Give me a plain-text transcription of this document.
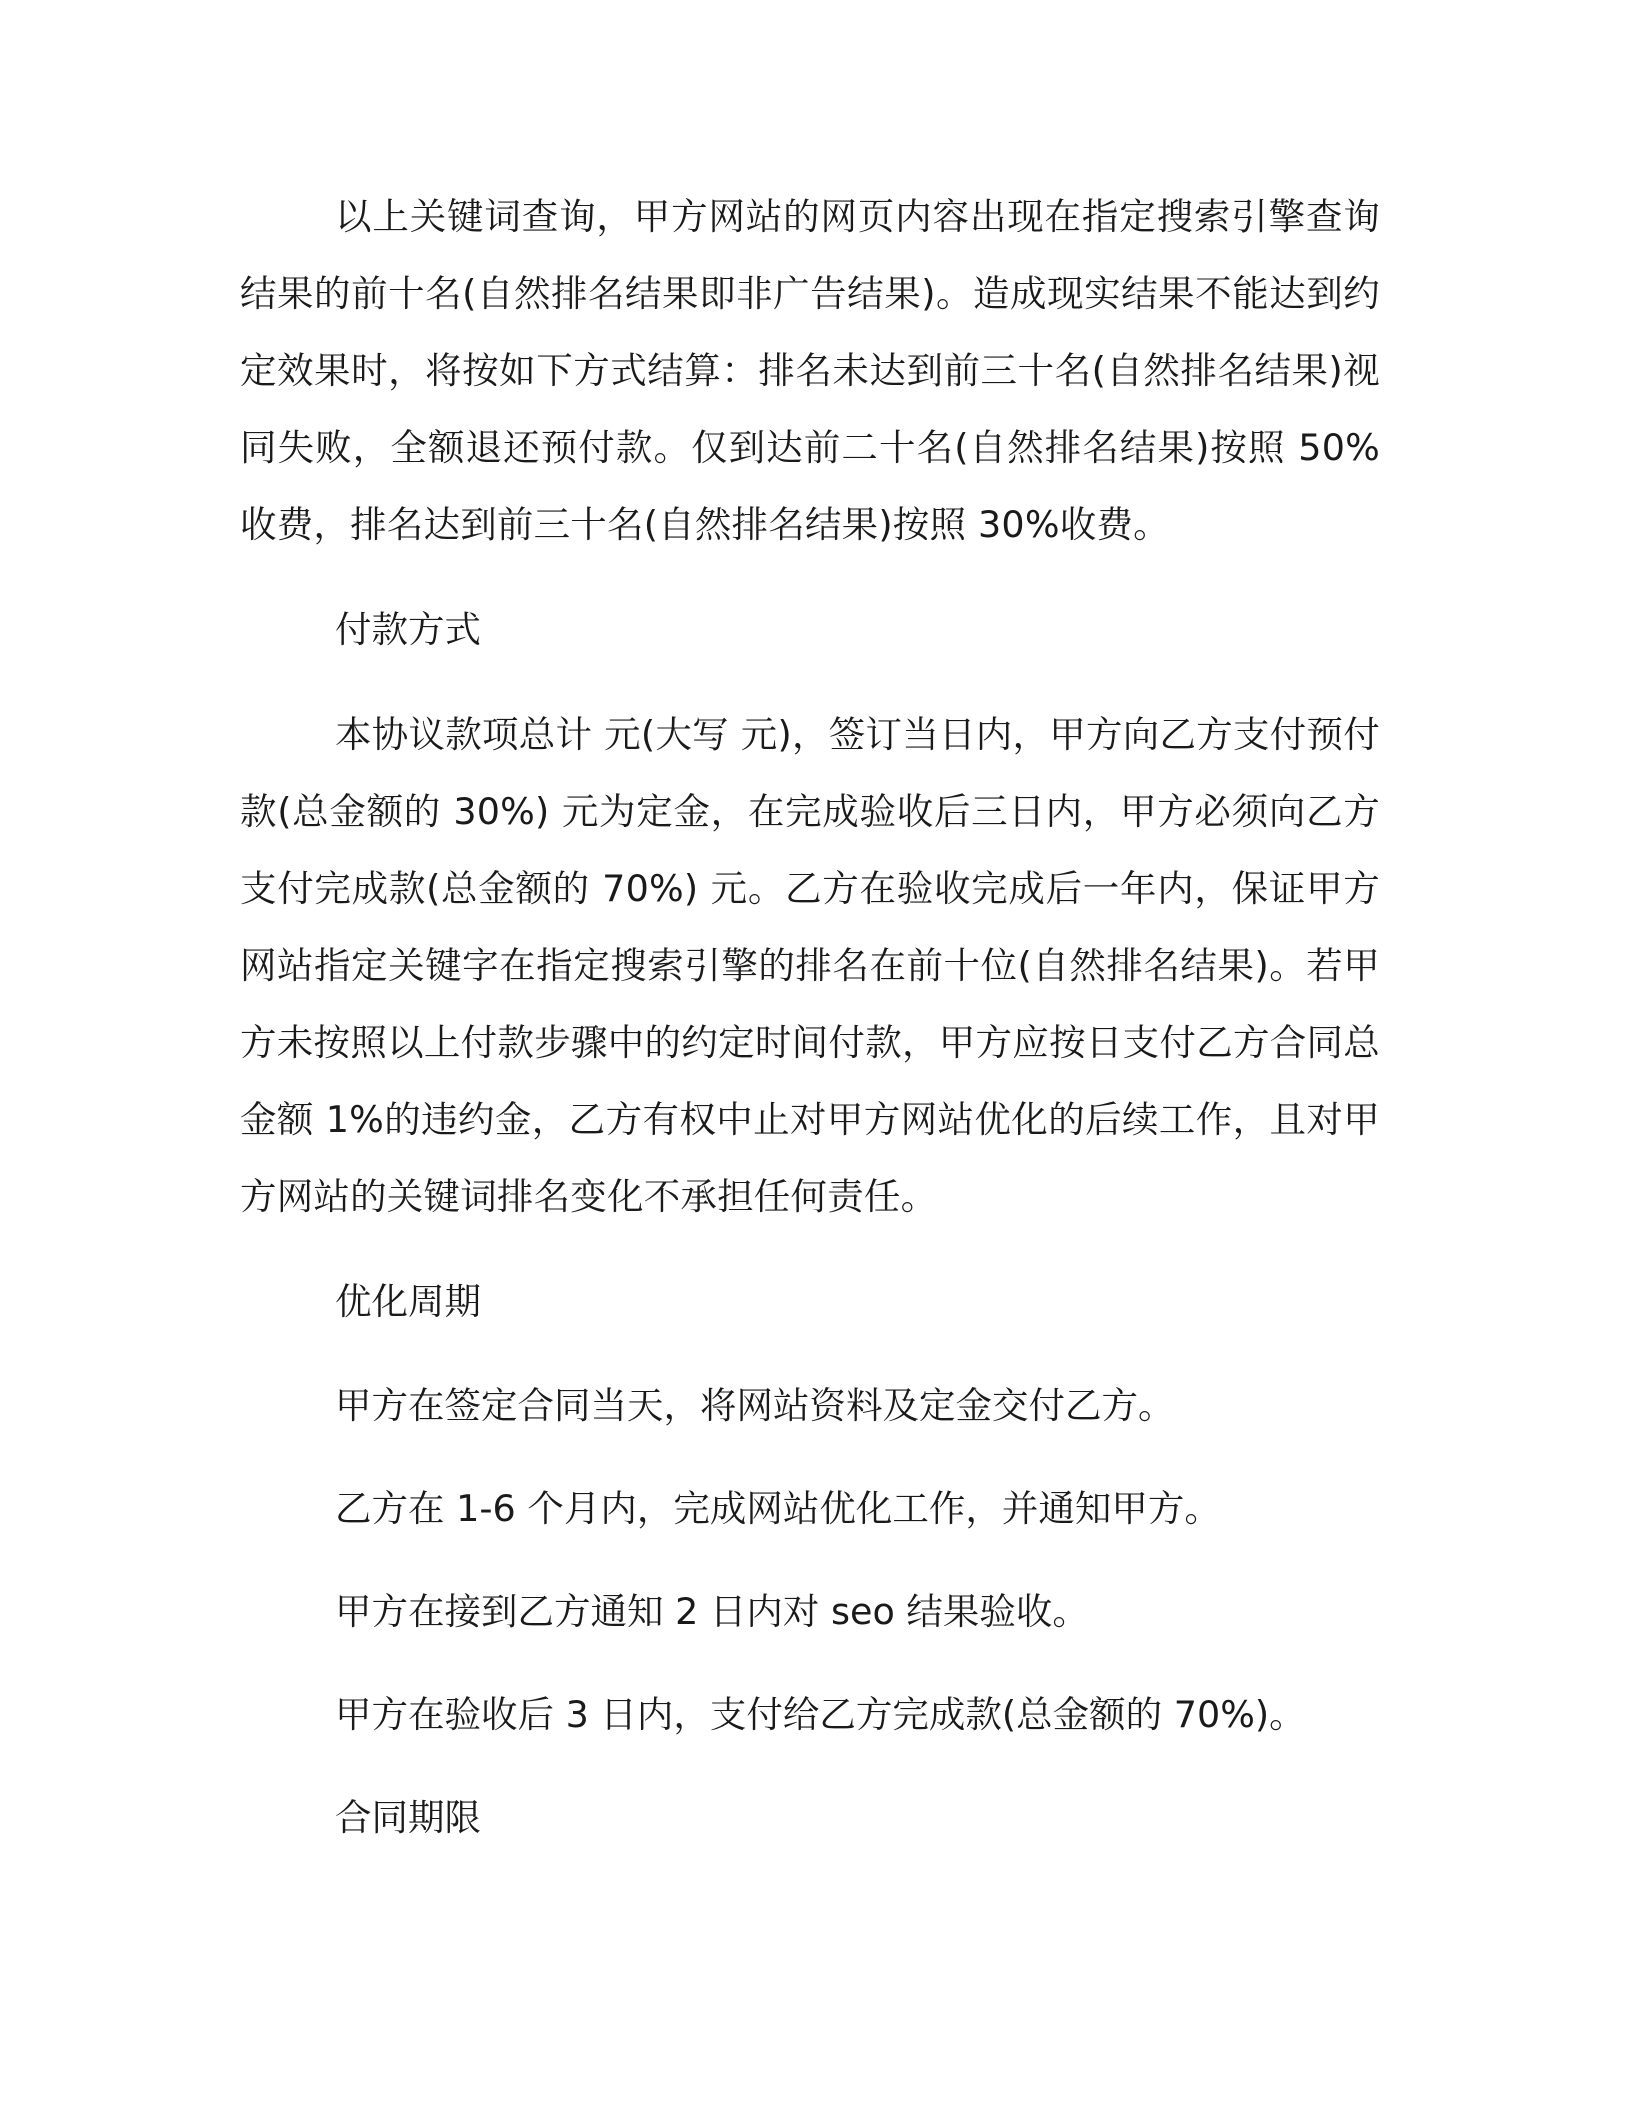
以上关键词查询，甲方网站的网页内容出现在指定搜索引擎查询结果的前十名(自然排名结果即非广告结果)。造成现实结果不能达到约定效果时，将按如下方式结算：排名未达到前三十名(自然排名结果)视同失败，全额退还预付款。仅到达前二十名(自然排名结果)按照 50%收费，排名达到前三十名(自然排名结果)按照 30%收费。

付款方式

本协议款项总计 元(大写 元)，签订当日内，甲方向乙方支付预付款(总金额的 30%) 元为定金，在完成验收后三日内，甲方必须向乙方支付完成款(总金额的 70%) 元。乙方在验收完成后一年内，保证甲方网站指定关键字在指定搜索引擎的排名在前十位(自然排名结果)。若甲方未按照以上付款步骤中的约定时间付款，甲方应按日支付乙方合同总金额 1%的违约金，乙方有权中止对甲方网站优化的后续工作，且对甲方网站的关键词排名变化不承担任何责任。

优化周期

甲方在签定合同当天，将网站资料及定金交付乙方。

乙方在 1-6 个月内，完成网站优化工作，并通知甲方。

甲方在接到乙方通知 2 日内对 seo 结果验收。

甲方在验收后 3 日内，支付给乙方完成款(总金额的 70%)。

合同期限
